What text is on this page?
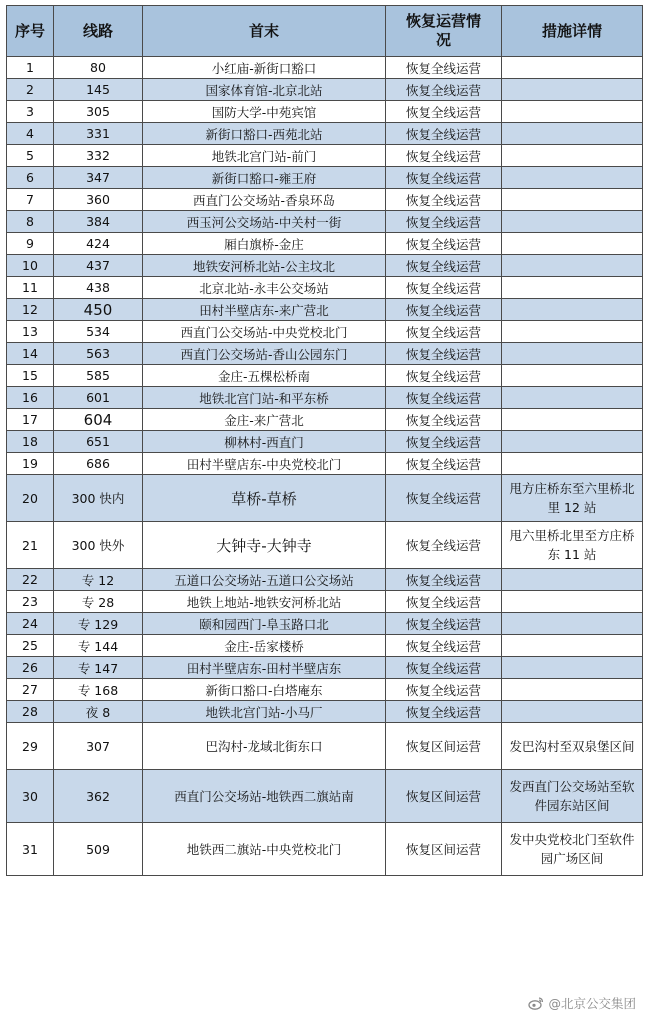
序号	线路	首末	恢复运营情况	措施详情
1	80	小红庙-新街口豁口	恢复全线运营	
2	145	国家体育馆-北京北站	恢复全线运营	
3	305	国防大学-中苑宾馆	恢复全线运营	
4	331	新街口豁口-西苑北站	恢复全线运营	
5	332	地铁北宫门站-前门	恢复全线运营	
6	347	新街口豁口-雍王府	恢复全线运营	
7	360	西直门公交场站-香泉环岛	恢复全线运营	
8	384	西玉河公交场站-中关村一街	恢复全线运营	
9	424	厢白旗桥-金庄	恢复全线运营	
10	437	地铁安河桥北站-公主坟北	恢复全线运营	
11	438	北京北站-永丰公交场站	恢复全线运营	
12	450	田村半壁店东-来广营北	恢复全线运营	
13	534	西直门公交场站-中央党校北门	恢复全线运营	
14	563	西直门公交场站-香山公园东门	恢复全线运营	
15	585	金庄-五棵松桥南	恢复全线运营	
16	601	地铁北宫门站-和平东桥	恢复全线运营	
17	604	金庄-来广营北	恢复全线运营	
18	651	柳林村-西直门	恢复全线运营	
19	686	田村半壁店东-中央党校北门	恢复全线运营	
20	300 快内	草桥-草桥	恢复全线运营	甩方庄桥东至六里桥北里 12 站
21	300 快外	大钟寺-大钟寺	恢复全线运营	甩六里桥北里至方庄桥东 11 站
22	专 12	五道口公交场站-五道口公交场站	恢复全线运营	
23	专 28	地铁上地站-地铁安河桥北站	恢复全线运营	
24	专 129	颐和园西门-阜玉路口北	恢复全线运营	
25	专 144	金庄-岳家楼桥	恢复全线运营	
26	专 147	田村半壁店东-田村半壁店东	恢复全线运营	
27	专 168	新街口豁口-白塔庵东	恢复全线运营	
28	夜 8	地铁北宫门站-小马厂	恢复全线运营	
29	307	巴沟村-龙域北街东口	恢复区间运营	发巴沟村至双泉堡区间
30	362	西直门公交场站-地铁西二旗站南	恢复区间运营	发西直门公交场站至软件园东站区间
31	509	地铁西二旗站-中央党校北门	恢复区间运营	发中央党校北门至软件园广场区间
@北京公交集团
